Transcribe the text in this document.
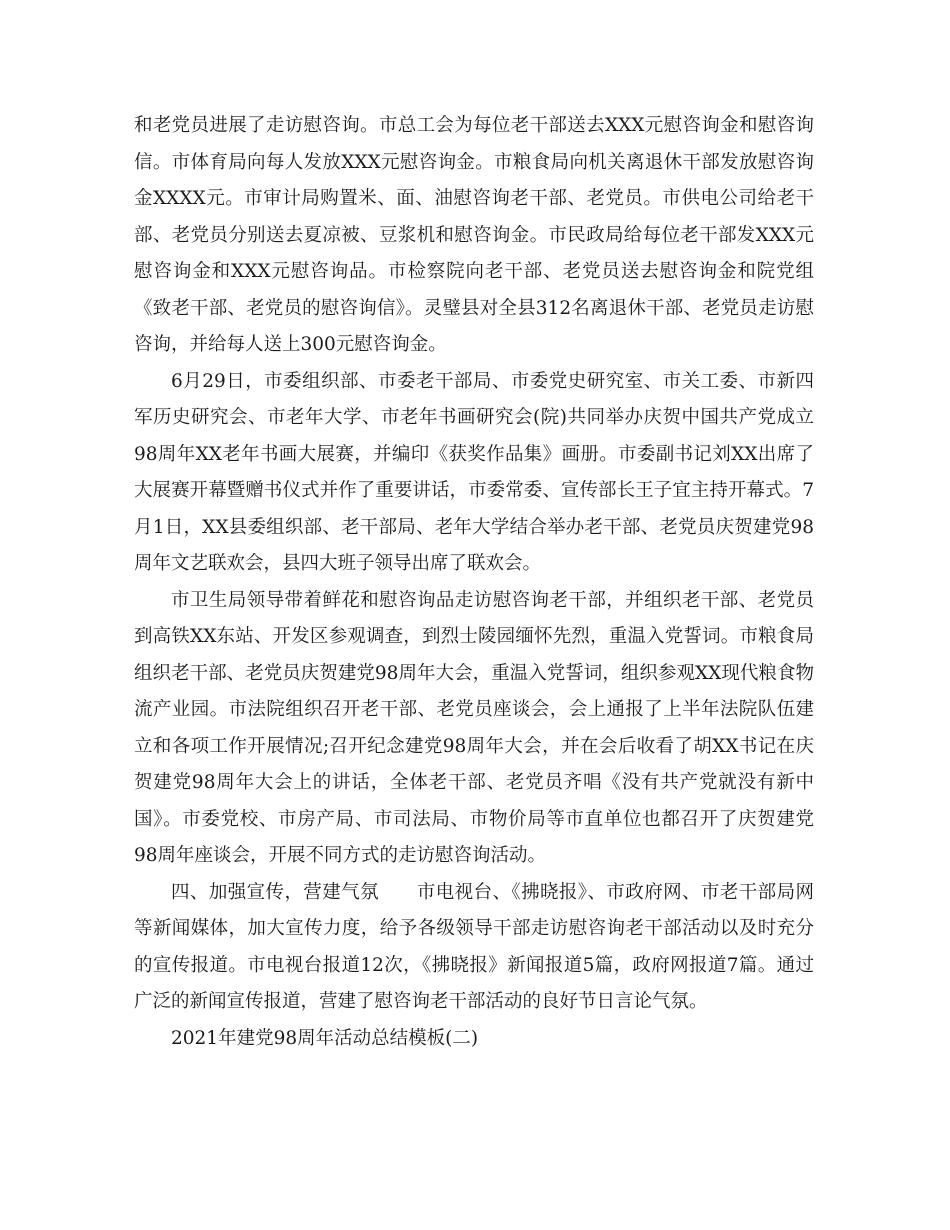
和老党员进展了走访慰咨询。市总工会为每位老干部送去XXX元慰咨询金和慰咨询信。市体育局向每人发放XXX元慰咨询金。市粮食局向机关离退休干部发放慰咨询金XXXX元。市审计局购置米、面、油慰咨询老干部、老党员。市供电公司给老干部、老党员分别送去夏凉被、豆浆机和慰咨询金。市民政局给每位老干部发XXX元慰咨询金和XXX元慰咨询品。市检察院向老干部、老党员送去慰咨询金和院党组《致老干部、老党员的慰咨询信》。灵璧县对全县312名离退休干部、老党员走访慰咨询，并给每人送上300元慰咨询金。

6月29日，市委组织部、市委老干部局、市委党史研究室、市关工委、市新四军历史研究会、市老年大学、市老年书画研究会(院)共同举办庆贺中国共产党成立98周年XX老年书画大展赛，并编印《获奖作品集》画册。市委副书记刘XX出席了大展赛开幕暨赠书仪式并作了重要讲话，市委常委、宣传部长王子宜主持开幕式。7月1日，XX县委组织部、老干部局、老年大学结合举办老干部、老党员庆贺建党98周年文艺联欢会，县四大班子领导出席了联欢会。

市卫生局领导带着鲜花和慰咨询品走访慰咨询老干部，并组织老干部、老党员到高铁XX东站、开发区参观调查，到烈士陵园缅怀先烈，重温入党誓词。市粮食局组织老干部、老党员庆贺建党98周年大会，重温入党誓词，组织参观XX现代粮食物流产业园。市法院组织召开老干部、老党员座谈会，会上通报了上半年法院队伍建立和各项工作开展情况;召开纪念建党98周年大会，并在会后收看了胡XX书记在庆贺建党98周年大会上的讲话，全体老干部、老党员齐唱《没有共产党就没有新中国》。市委党校、市房产局、市司法局、市物价局等市直单位也都召开了庆贺建党98周年座谈会，开展不同方式的走访慰咨询活动。

四、加强宣传，营建气氛　　市电视台、《拂晓报》、市政府网、市老干部局网等新闻媒体，加大宣传力度，给予各级领导干部走访慰咨询老干部活动以及时充分的宣传报道。市电视台报道12次，《拂晓报》新闻报道5篇，政府网报道7篇。通过广泛的新闻宣传报道，营建了慰咨询老干部活动的良好节日言论气氛。

2021年建党98周年活动总结模板(二)
